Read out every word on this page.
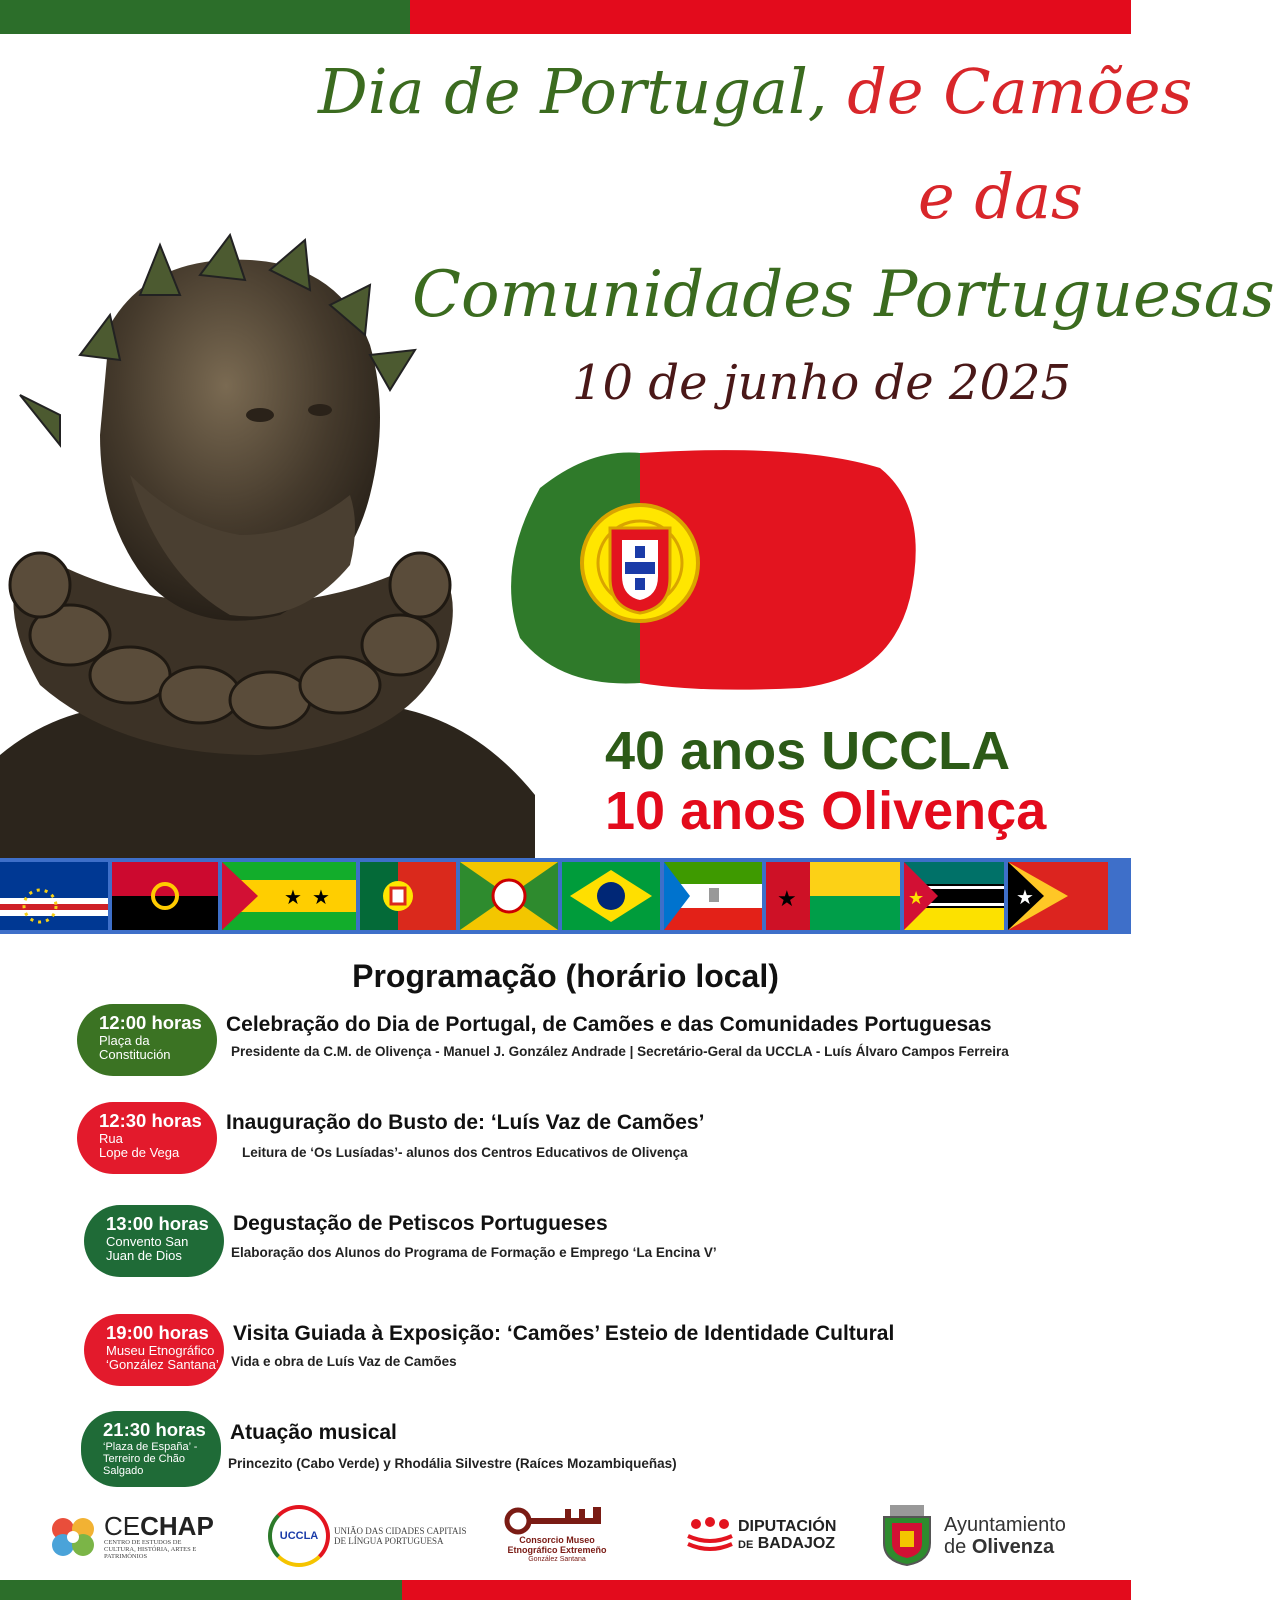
Dia de Portugal, de Camões
e das
Comunidades Portuguesas
10 de junho de 2025
40 anos UCCLA
10 anos Olivença
★ ★	★	★	★
Programação (horário local)
12:00 horas
Plaça da
Constitución
Celebração do Dia de Portugal, de Camões e das Comunidades Portuguesas
Presidente da C.M. de Olivença - Manuel J. González Andrade | Secretário-Geral da UCCLA - Luís Álvaro Campos Ferreira
12:30 horas
Rua
Lope de Vega
Inauguração do Busto de: ‘Luís Vaz de Camões’
Leitura de ‘Os Lusíadas’- alunos dos Centros Educativos de Olivença
13:00 horas
Convento San
Juan de Dios
Degustação de Petiscos Portugueses
Elaboração dos Alunos do Programa de Formação e Emprego ‘La Encina V’
19:00 horas
Museu Etnográfico
‘González Santana’
Visita Guiada à Exposição: ‘Camões’ Esteio de Identidade Cultural
Vida e obra de Luís Vaz de Camões
21:30 horas
‘Plaza de España’ -
Terreiro de Chão
Salgado
Atuação musical
Princezito (Cabo Verde) y Rhodália Silvestre (Raíces Mozambiqueñas)
CECHAP
CENTRO DE ESTUDOS DE CULTURA, HISTÓRIA, ARTES E PATRIMÓNIOS
UCCLA	UNIÃO DAS CIDADES CAPITAIS DE LÍNGUA PORTUGUESA	Consorcio Museo
Etnográfico Extremeño
González Santana
DIPUTACIÓN
DE BADAJOZ
Ayuntamiento
de Olivenza
